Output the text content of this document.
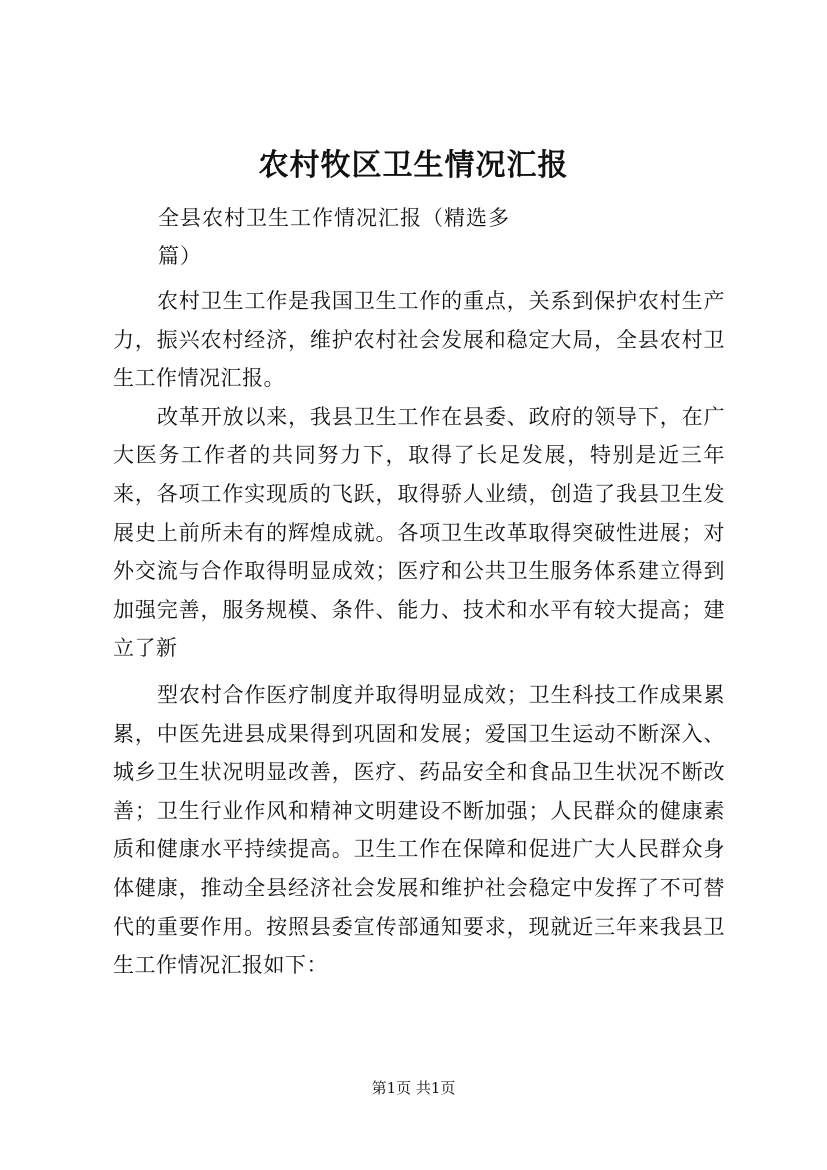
农村牧区卫生情况汇报
全县农村卫生工作情况汇报（精选多
篇）

农村卫生工作是我国卫生工作的重点，关系到保护农村生产力，振兴农村经济，维护农村社会发展和稳定大局，全县农村卫生工作情况汇报。

改革开放以来，我县卫生工作在县委、政府的领导下，在广大医务工作者的共同努力下，取得了长足发展，特别是近三年来，各项工作实现质的飞跃，取得骄人业绩，创造了我县卫生发展史上前所未有的辉煌成就。各项卫生改革取得突破性进展；对外交流与合作取得明显成效；医疗和公共卫生服务体系建立得到加强完善，服务规模、条件、能力、技术和水平有较大提高；建立了新

型农村合作医疗制度并取得明显成效；卫生科技工作成果累累，中医先进县成果得到巩固和发展；爱国卫生运动不断深入、城乡卫生状况明显改善，医疗、药品安全和食品卫生状况不断改善；卫生行业作风和精神文明建设不断加强；人民群众的健康素质和健康水平持续提高。卫生工作在保障和促进广大人民群众身体健康，推动全县经济社会发展和维护社会稳定中发挥了不可替代的重要作用。按照县委宣传部通知要求，现就近三年来我县卫生工作情况汇报如下：

第1页 共1页
